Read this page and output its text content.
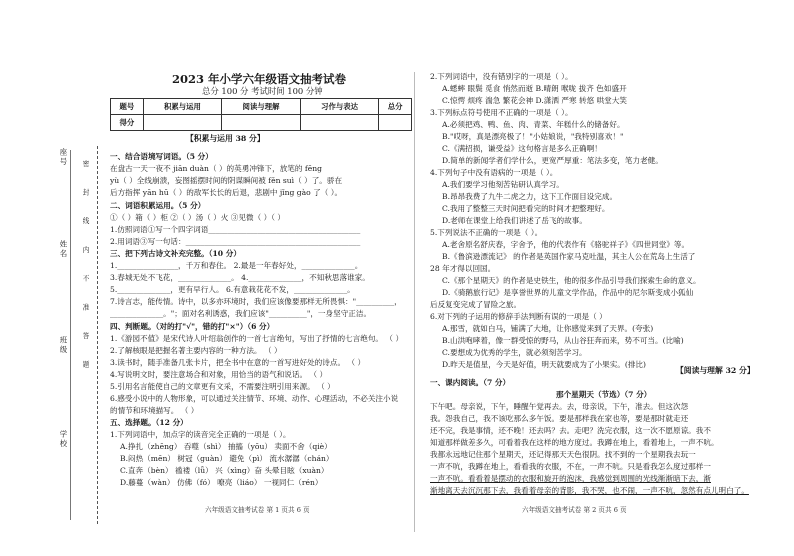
座号
姓名
班级
学校
密 封 线 内 不 准 答 题
2023 年小学六年级语文抽考试卷
总分 100 分 考试时间 100 分钟
题号	积累与运用	阅读与理解	习作与表达	总分
得分				
【积累与运用 38 分】
一、结合语境写词语。（5 分）
在盘古一天一夜不 jiān duàn（ ）的英勇冲锋下，放笔的 fēng
yù（ ）全线崩溃，妄图摇摆时间的阴谋瞬间被 fěn suì（ ）了。骄在
后方指挥 yān hū（ ）的敌军长长的后退，悲剧中 jǐng gào 了（ ）。
二、词语积累运用。（5 分）
①（ ）箱（ ）柜 ②（ ）汤（ ）火 ③见微（ ）（ ）
1.仿照词语①写一个四字词语________________________________________
2.用词语③写一句话：______________________________________________
三、把下列古诗文补充完整。（10 分）
1.________________，千万和春住。 2.最是一年春好处，______________。
3.春城无处不飞花，______________。 4.______________，不知秋思落谁家。
5.______________，更有早行人。 6.有意栽花花不发，______________。
7.诗言志，能传情。诗中，以多亦环境时，我们应该像要那样无所畏惧："__________，
______________。"；面对名利诱惑，我们应该"__________"，一身坚守正洁。
四、判断题。（对的打"√"，错的打"×"）（6 分）
1.《游园不值》是宋代诗人叶绍翁创作的一首七言绝句，写出了抒情的七言绝句。 （ ）
2.了解核眼是把握名著主要内容的一种方法。 （ ）
3.读书时，随手准备几张卡片，把全书中在意的一首写进好处的诗点。 （ ）
4.写说明文时，要注意场合和对象，用恰当的语气和说话。 （ ）
5.引用名言能使自己的文章更有文采，不需要注明引用来源。 （ ）
6.感受小说中的人物形象，可以通过关注情节、环境、动作、心理活动，不必关注小说
的情节和环境描写。 （ ）
五、选择题。（12 分）
1.下列词语中，加点字的读音完全正确的一项是（ ）。
A.挣扎（zhēng） 吞噬（shì） 抽搐（yōu） 卖面不舍（qiè）
B.闷热（mēn） 树冠（guàn） 避免（pì） 流水潺潺（chán）
C.直奔（bèn） 褴褛（lǚ） 兴（xìng）奋 头晕目眩（xuàn）
D.藤蔓（wàn） 仿佛（fó） 嘹亮（liáo） 一视同仁（rén）
六年级语文抽考试卷 第 1 页共 6 页
2.下列词语中，没有错别字的一项是（ ）。
A.蟋蟀 眼鬓 觅食 悄然而逝 B.晴朗 喉咙 拔齐 色如盛开
C.惊愕 烦疼 湍急 繁花会神 D.潇洒 严寒 转悠 哄堂大笑
3.下列标点符号使用不正确的一项是（ ）。
A.必须把鸡、鸭、鱼、肉、青菜、年糕什么的储备好。
B."哎呀，真是漂亮极了！"小姑娘说，"我特别喜欢！"
C.《满招损，谦受益》这句格言是多么正确啊！
D.简单的新闻学者们学什么，更宽严厚重：笔法多变，笔力老健。
4.下列句子中没有语病的一项是（ ）。
A.我们要学习他刻苦钻研认真学习。
B.昂昂我费了九牛二虎之力，这下工作面目设完成。
C.我用了整整三天时间把看完的时间才把整理好。
D.老师在课堂上给我们讲述了岳飞的故事。
5.下列说法不正确的一项是（ ）。
A.老舍原名舒庆春，字舍予，他的代表作有《骆驼祥子》《四世同堂》等。
B.《鲁滨逊漂流记》 的作者是英国作家马克吐温，其主人公在荒岛上生活了
28 年才得以回国。
C.《那个星期天》的作者是史铁生，他的很多作品引导我们探索生命的意义。
D.《骑鹅旅行记》是享誉世界的儿童文学作品，作品中的尼尔斯变成小狐仙
后反复变完成了冒险之旅。
6.对下列的子运用的修辞手法判断有误的一项是（ ）
A.那雪，就如白马，铺满了大地，让你感觉来到了天界。(夸张)
B.山洪咆哮着，像一群受惊的野马，从山谷狂奔而来，势不可当。(比喻)
C.要想成为优秀的学生，就必须刻苦学习。
D.昨天是值星，今天是好值，明天就要成为了小果实。(排比)
【阅读与理解 32 分】
一、课内阅读。（7 分）
那个星期天（节选）（7 分）
下午吧。母亲说，下午，睡醒午觉再去。去，母亲说，下午，准去。但这次怨
我。怨我自己，我不该吃那么多午饭。要是那样我在家也等，要是那时就走还
还不完，我是事情，还不晚！还去吗？去。走吧？洗完衣服，这一次不愿原谅。我不
知道那样做差多久，可看着我在这样的地方度过。我蹲在地上，看着地上，一声不吭。
我都永远地记住那个星期天，还记得那天天色很阴。找不到的一个星期我去玩一
一声不吭，我蹲在地上，看看我的衣服，不在，一声不吭。只是看我怎么度过那样一
一声不吭。看看着是摆动的衣服和旋开的泡沫，我感觉到周围的光线渐渐暗下去，渐
渐地离天去沉沉那下去，我看着母亲的背影，我不哭，也不闹，一声不吭，忽然有点儿明白了。
六年级语文抽考试卷 第 2 页共 6 页
